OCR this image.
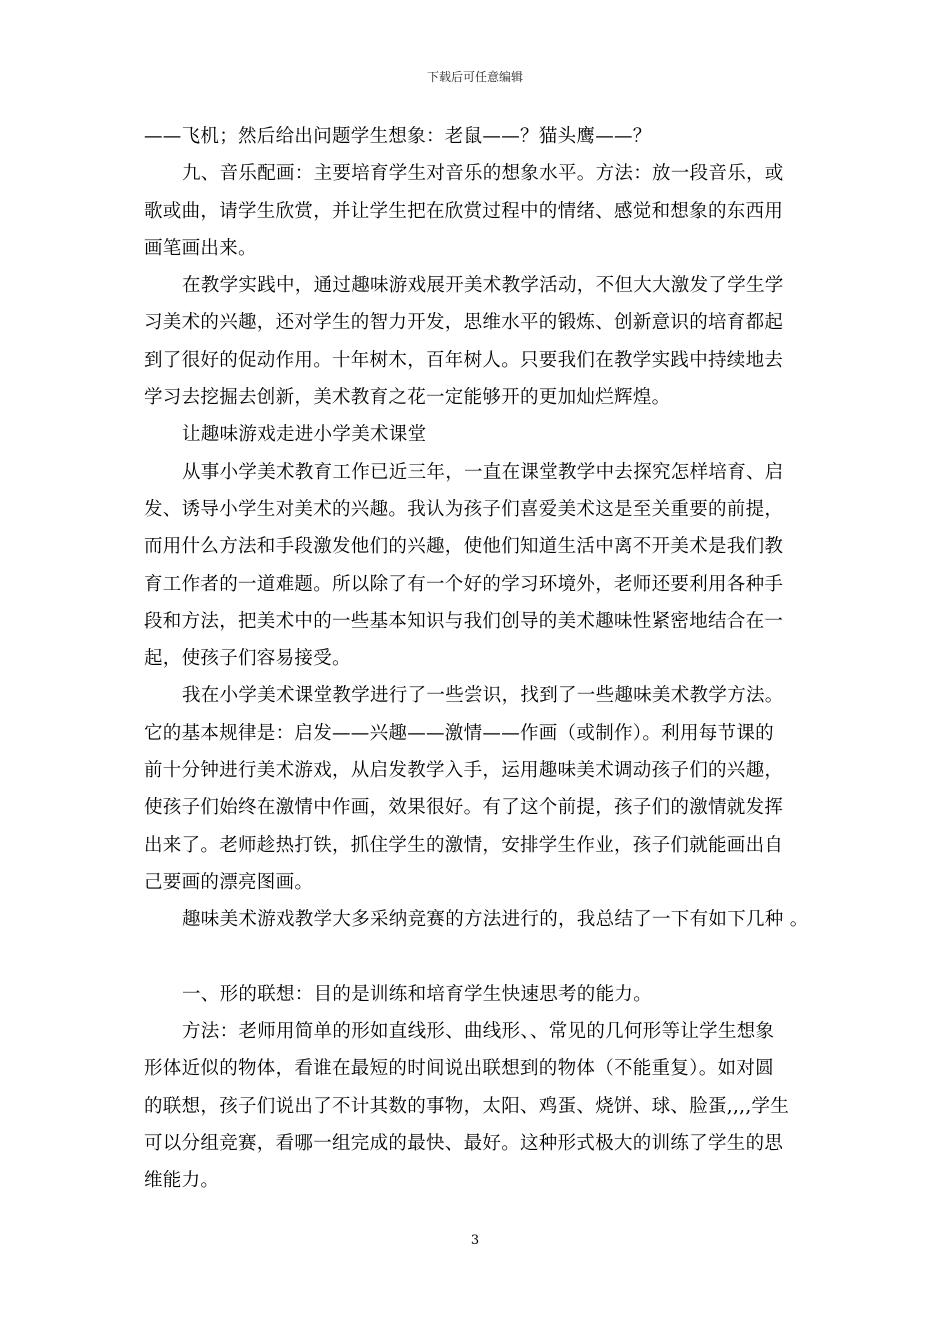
下载后可任意编辑
——飞机；然后给出问题学生想象：老鼠——？猫头鹰——？
九、音乐配画：主要培育学生对音乐的想象水平。方法：放一段音乐，或
歌或曲，请学生欣赏，并让学生把在欣赏过程中的情绪、感觉和想象的东西用
画笔画出来。
在教学实践中，通过趣味游戏展开美术教学活动，不但大大激发了学生学
习美术的兴趣，还对学生的智力开发，思维水平的锻炼、创新意识的培育都起
到了很好的促动作用。十年树木，百年树人。只要我们在教学实践中持续地去
学习去挖掘去创新，美术教育之花一定能够开的更加灿烂辉煌。
让趣味游戏走进小学美术课堂
从事小学美术教育工作已近三年，一直在课堂教学中去探究怎样培育、启
发、诱导小学生对美术的兴趣。我认为孩子们喜爱美术这是至关重要的前提，
而用什么方法和手段激发他们的兴趣，使他们知道生活中离不开美术是我们教
育工作者的一道难题。所以除了有一个好的学习环境外，老师还要利用各种手
段和方法，把美术中的一些基本知识与我们创导的美术趣味性紧密地结合在一
起，使孩子们容易接受。
我在小学美术课堂教学进行了一些尝识，找到了一些趣味美术教学方法。
它的基本规律是：启发——兴趣——激情——作画（或制作）。利用每节课的
前十分钟进行美术游戏，从启发教学入手，运用趣味美术调动孩子们的兴趣，
使孩子们始终在激情中作画，效果很好。有了这个前提，孩子们的激情就发挥
出来了。老师趁热打铁，抓住学生的激情，安排学生作业，孩子们就能画出自
己要画的漂亮图画。
趣味美术游戏教学大多采纳竞赛的方法进行的，我总结了一下有如下几种 。
一、形的联想：目的是训练和培育学生快速思考的能力。
方法：老师用简单的形如直线形、曲线形、、常见的几何形等让学生想象
形体近似的物体，看谁在最短的时间说出联想到的物体（不能重复）。如对圆
的联想，孩子们说出了不计其数的事物，太阳、鸡蛋、烧饼、球、脸蛋,,,,学生
可以分组竞赛，看哪一组完成的最快、最好。这种形式极大的训练了学生的思
维能力。
3
